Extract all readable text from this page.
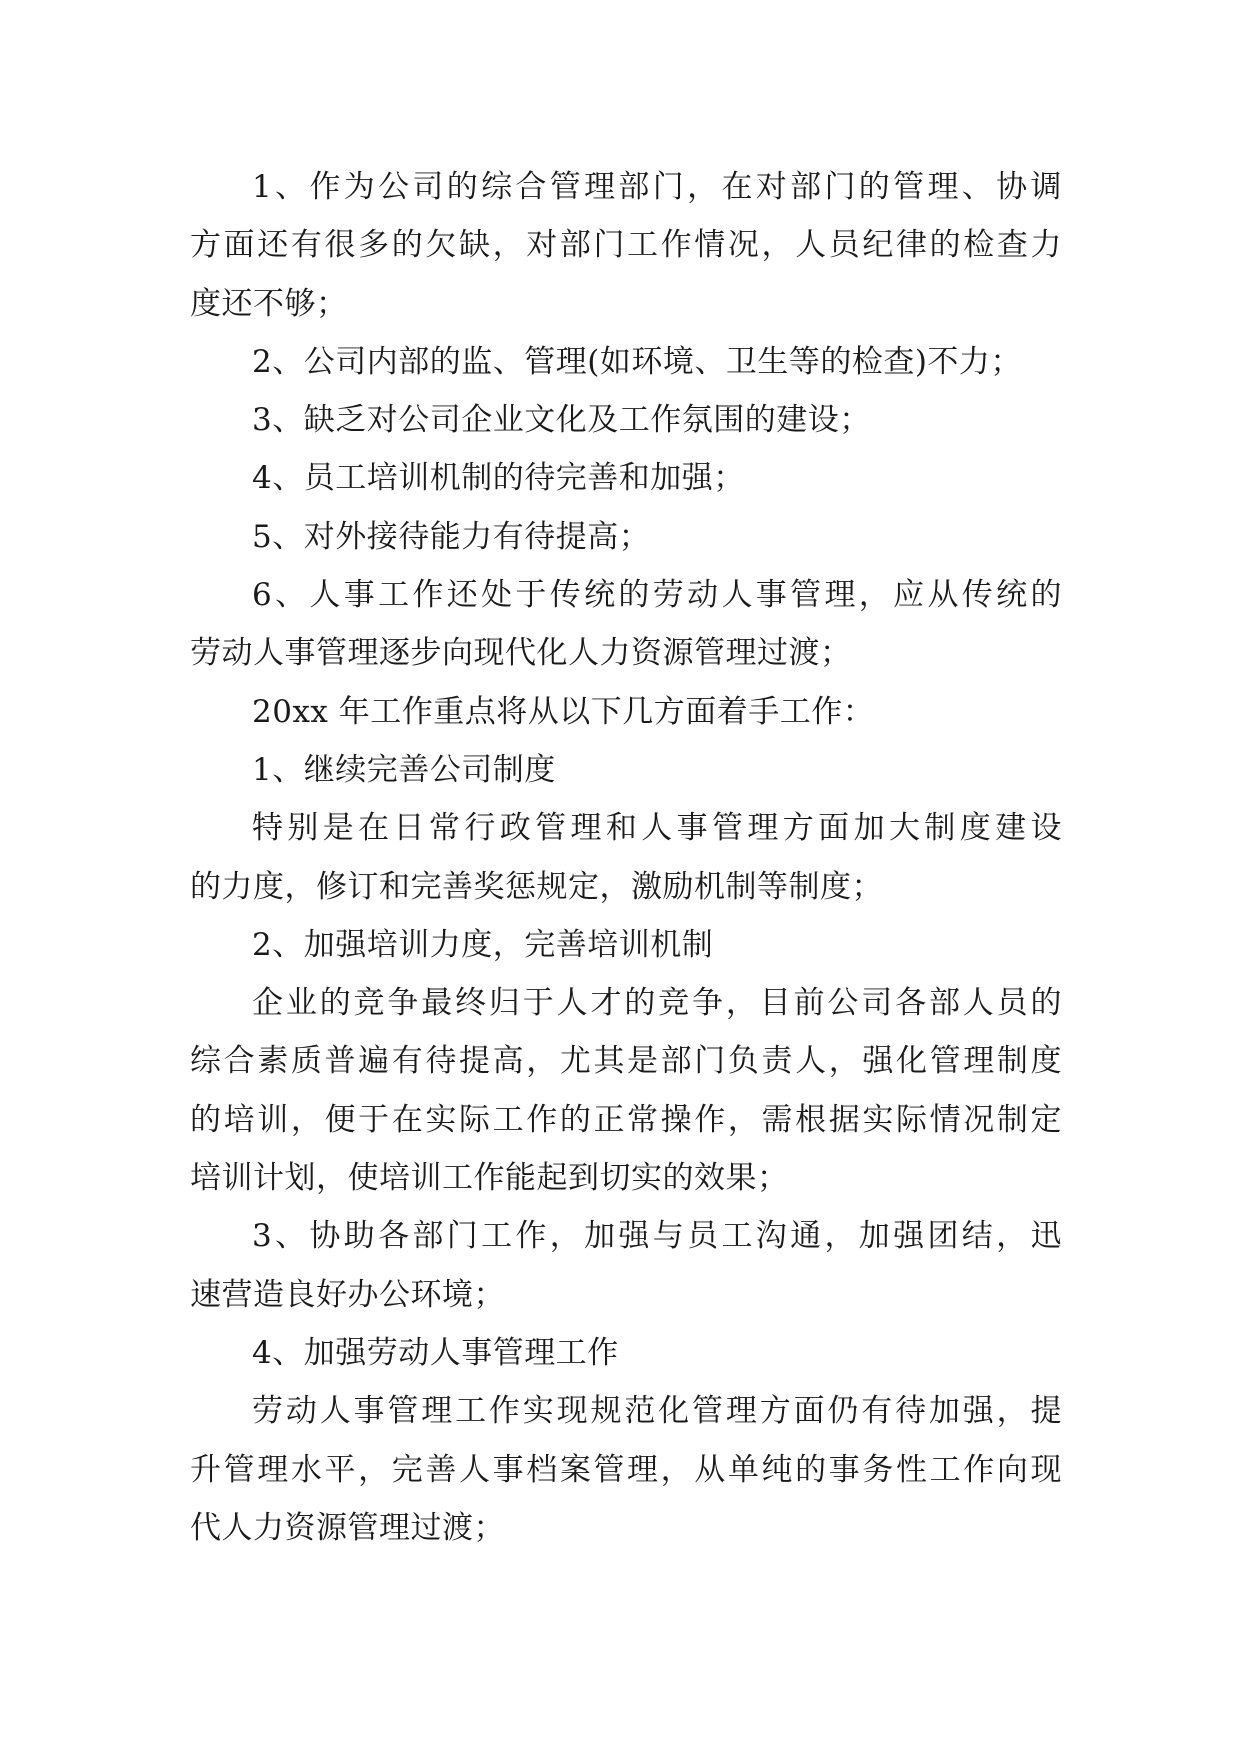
1、作为公司的综合管理部门，在对部门的管理、协调
方面还有很多的欠缺，对部门工作情况，人员纪律的检查力
度还不够；
2、公司内部的监、管理(如环境、卫生等的检查)不力；
3、缺乏对公司企业文化及工作氛围的建设；
4、员工培训机制的待完善和加强；
5、对外接待能力有待提高；
6、人事工作还处于传统的劳动人事管理，应从传统的
劳动人事管理逐步向现代化人力资源管理过渡；
20xx 年工作重点将从以下几方面着手工作：
1、继续完善公司制度
特别是在日常行政管理和人事管理方面加大制度建设
的力度，修订和完善奖惩规定，激励机制等制度；
2、加强培训力度，完善培训机制
企业的竞争最终归于人才的竞争，目前公司各部人员的
综合素质普遍有待提高，尤其是部门负责人，强化管理制度
的培训，便于在实际工作的正常操作，需根据实际情况制定
培训计划，使培训工作能起到切实的效果；
3、协助各部门工作，加强与员工沟通，加强团结，迅
速营造良好办公环境；
4、加强劳动人事管理工作
劳动人事管理工作实现规范化管理方面仍有待加强，提
升管理水平，完善人事档案管理，从单纯的事务性工作向现
代人力资源管理过渡；
